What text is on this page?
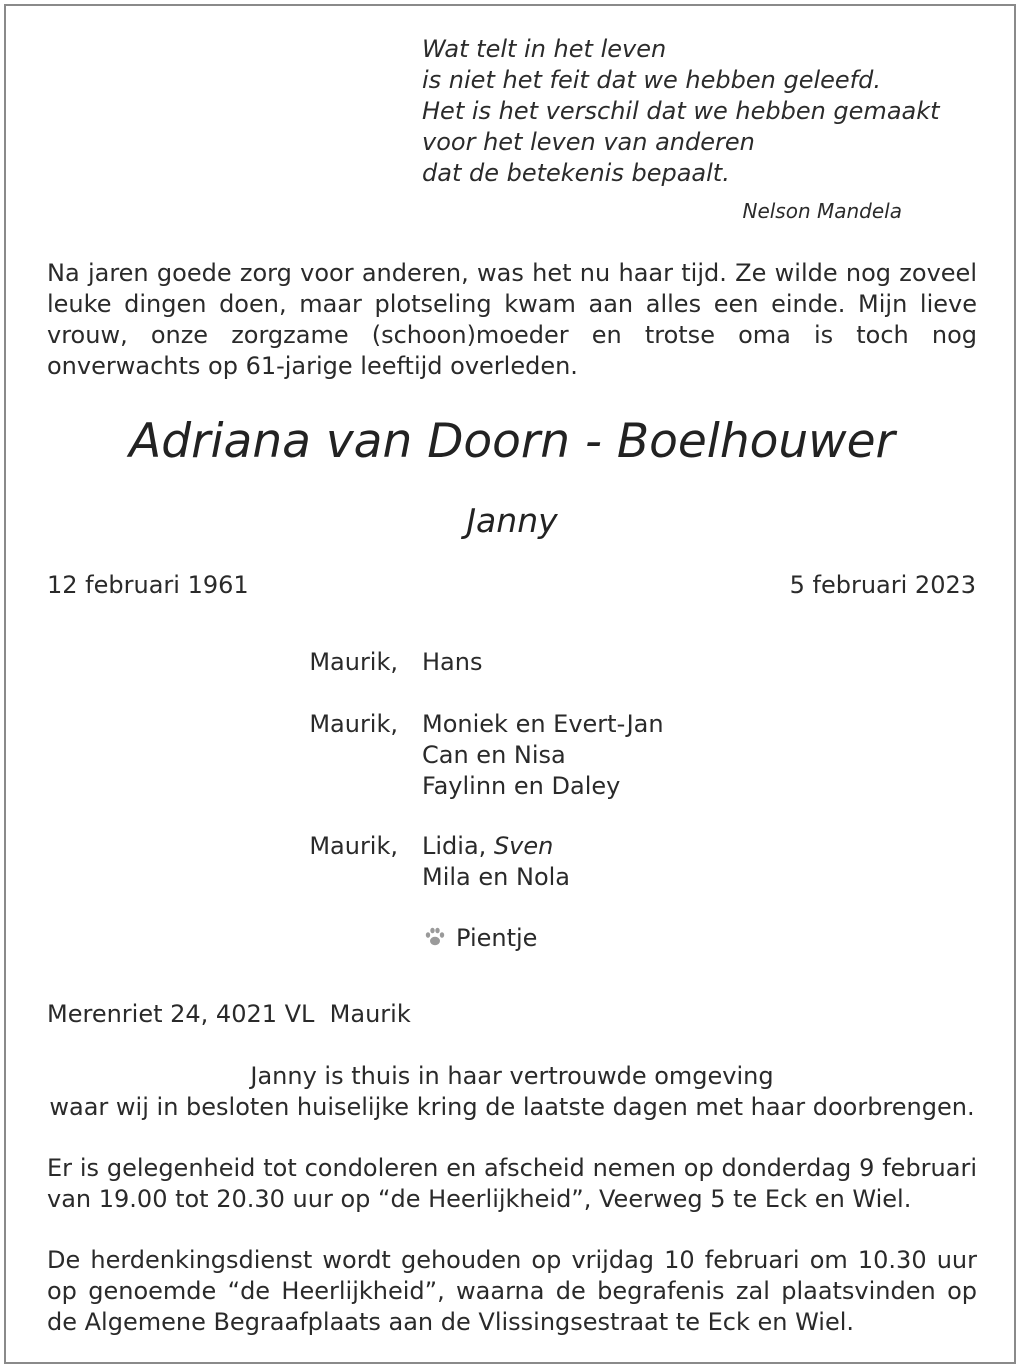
Wat telt in het leven
is niet het feit dat we hebben geleefd.
Het is het verschil dat we hebben gemaakt
voor het leven van anderen
dat de betekenis bepaalt.
Nelson Mandela
Na jaren goede zorg voor anderen, was het nu haar tijd. Ze wilde nog zoveel leuke dingen doen, maar plotseling kwam aan alles een einde. Mijn lieve vrouw, onze zorgzame (schoon)moeder en trotse oma is toch nog onverwachts op 61-jarige leeftijd overleden.
Adriana van Doorn - Boelhouwer
Janny
12 februari 1961	5 februari 2023
Maurik, Hans
Maurik, Moniek en Evert-Jan
Can en Nisa
Faylinn en Daley
Maurik, Lidia, Sven
Mila en Nola
Pientje
Merenriet 24, 4021 VL  Maurik
Janny is thuis in haar vertrouwde omgeving
waar wij in besloten huiselijke kring de laatste dagen met haar doorbrengen.
Er is gelegenheid tot condoleren en afscheid nemen op donderdag 9 februari van 19.00 tot 20.30 uur op “de Heerlijkheid”, Veerweg 5 te Eck en Wiel.
De herdenkingsdienst wordt gehouden op vrijdag 10 februari om 10.30 uur op genoemde “de Heerlijkheid”, waarna de begrafenis zal plaatsvinden op de Algemene Begraafplaats aan de Vlissingsestraat te Eck en Wiel.
